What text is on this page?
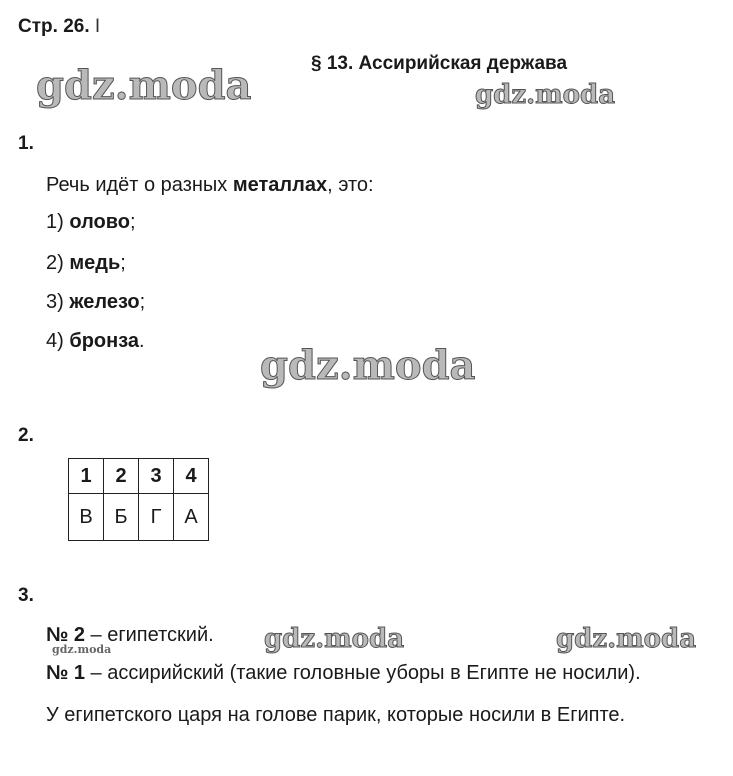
Стр. 26. I
§ 13. Ассирийская держава
gdz.moda	gdz.moda
gdz.moda
gdz.moda	gdz.moda
gdz.moda
1.
Речь идёт о разных металлах, это:
1) олово;
2) медь;
3) железо;
4) бронза.
2.
1	2	3	4
В	Б	Г	А
3.
№ 2 – египетский.
№ 1 – ассирийский (такие головные уборы в Египте не носили).
У египетского царя на голове парик, которые носили в Египте.
